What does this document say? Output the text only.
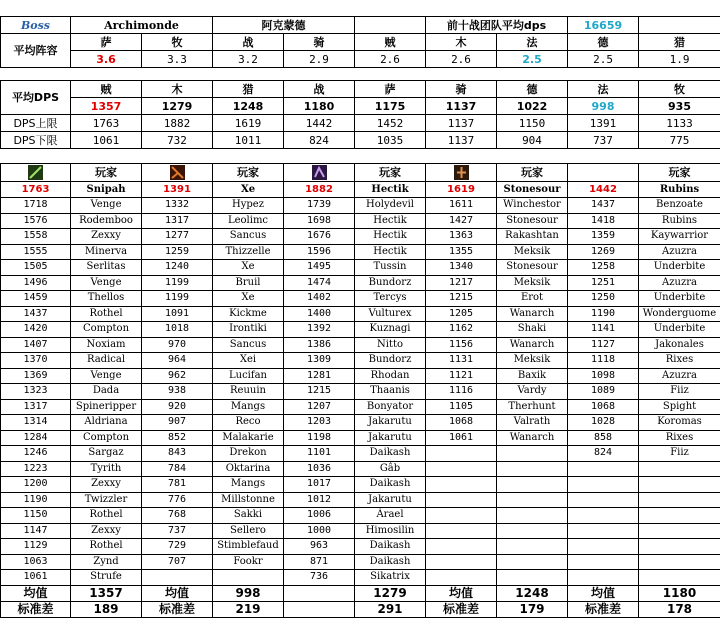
Boss	Archimonde		阿克蒙德			前十战团队平均dps		16659	
平均阵容	萨	牧	战	骑	贼	木	法	德	猎
	3.6	3.3	3.2	2.9	2.6	2.6	2.5	2.5	1.9
平均DPS	贼	木	猎	战	萨	骑	德	法	牧
	1357	1279	1248	1180	1175	1137	1022	998	935
DPS上限	1763	1882	1619	1442	1452	1137	1150	1391	1133
DPS下限	1061	732	1011	824	1035	1137	904	737	775
	玩家		玩家		玩家		玩家		玩家
1763	Snipah	1391	Xe	1882	Hectik	1619	Stonesour	1442	Rubins
1718	Venge	1332	Hypez	1739	Holydevil	1611	Winchestor	1437	Benzoate
1576	Rodemboo	1317	Leolimc	1698	Hectik	1427	Stonesour	1418	Rubins
1558	Zexxy	1277	Sancus	1676	Hectik	1363	Rakashtan	1359	Kaywarrior
1555	Minerva	1259	Thizzelle	1596	Hectik	1355	Meksik	1269	Azuzra
1505	Serlitas	1240	Xe	1495	Tussin	1340	Stonesour	1258	Underbite
1496	Venge	1199	Bruil	1474	Bundorz	1217	Meksik	1251	Azuzra
1459	Thellos	1199	Xe	1402	Tercys	1215	Erot	1250	Underbite
1437	Rothel	1091	Kickme	1400	Vulturex	1205	Wanarch	1190	Wonderguome
1420	Compton	1018	Irontiki	1392	Kuznagi	1162	Shaki	1141	Underbite
1407	Noxiam	970	Sancus	1386	Nitto	1156	Wanarch	1127	Jakonales
1370	Radical	964	Xei	1309	Bundorz	1131	Meksik	1118	Rixes
1369	Venge	962	Lucifan	1281	Rhodan	1121	Baxik	1098	Azuzra
1323	Dada	938	Reuuin	1215	Thaanis	1116	Vardy	1089	Fiiz
1317	Spineripper	920	Mangs	1207	Bonyator	1105	Therhunt	1068	Spight
1314	Aldriana	907	Reco	1203	Jakarutu	1068	Valrath	1028	Koromas
1284	Compton	852	Malakarie	1198	Jakarutu	1061	Wanarch	858	Rixes
1246	Sargaz	843	Drekon	1101	Daikash			824	Fiiz
1223	Tyrith	784	Oktarina	1036	Gâb				
1200	Zexxy	781	Mangs	1017	Daikash				
1190	Twizzler	776	Millstonne	1012	Jakarutu				
1150	Rothel	768	Sakki	1006	Árael				
1147	Zexxy	737	Sellero	1000	Himosilin				
1129	Rothel	729	Stimblefaud	963	Daikash				
1063	Zynd	707	Fookr	871	Daikash				
1061	Strufe			736	Sikatrix				
均值	1357	均值	998		1279	均值	1248	均值	1180
标准差	189	标准差	219		291	标准差	179	标准差	178
